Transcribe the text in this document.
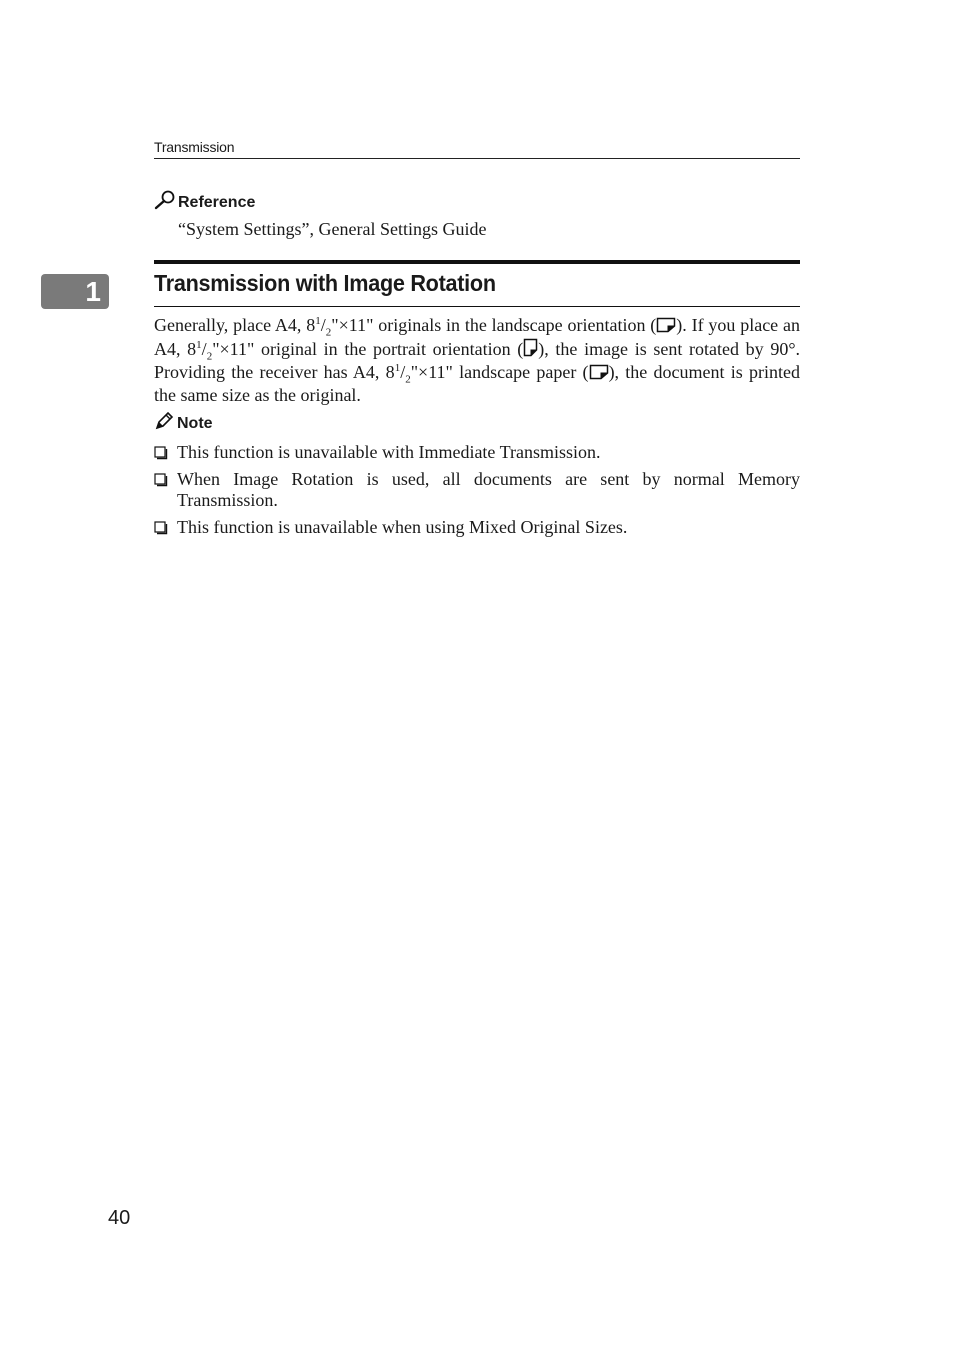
Transmission
Reference
“System Settings”, General Settings Guide
1	Transmission with Image Rotation
Generally, place A4, $8^1/_2"\times 11$" originals in the landscape orientation ( ). If you place an A4, $8^1/_2"\times 11$" original in the portrait orientation ( ), the image is sent rotated by 90°. Providing the receiver has A4, $8^1/_2"\times 11$" landscape paper ( ), the document is printed the same size as the original.
Note
This function is unavailable with Immediate Transmission.
When Image Rotation is used, all documents are sent by normal Memory Transmission.
This function is unavailable when using Mixed Original Sizes.
40
